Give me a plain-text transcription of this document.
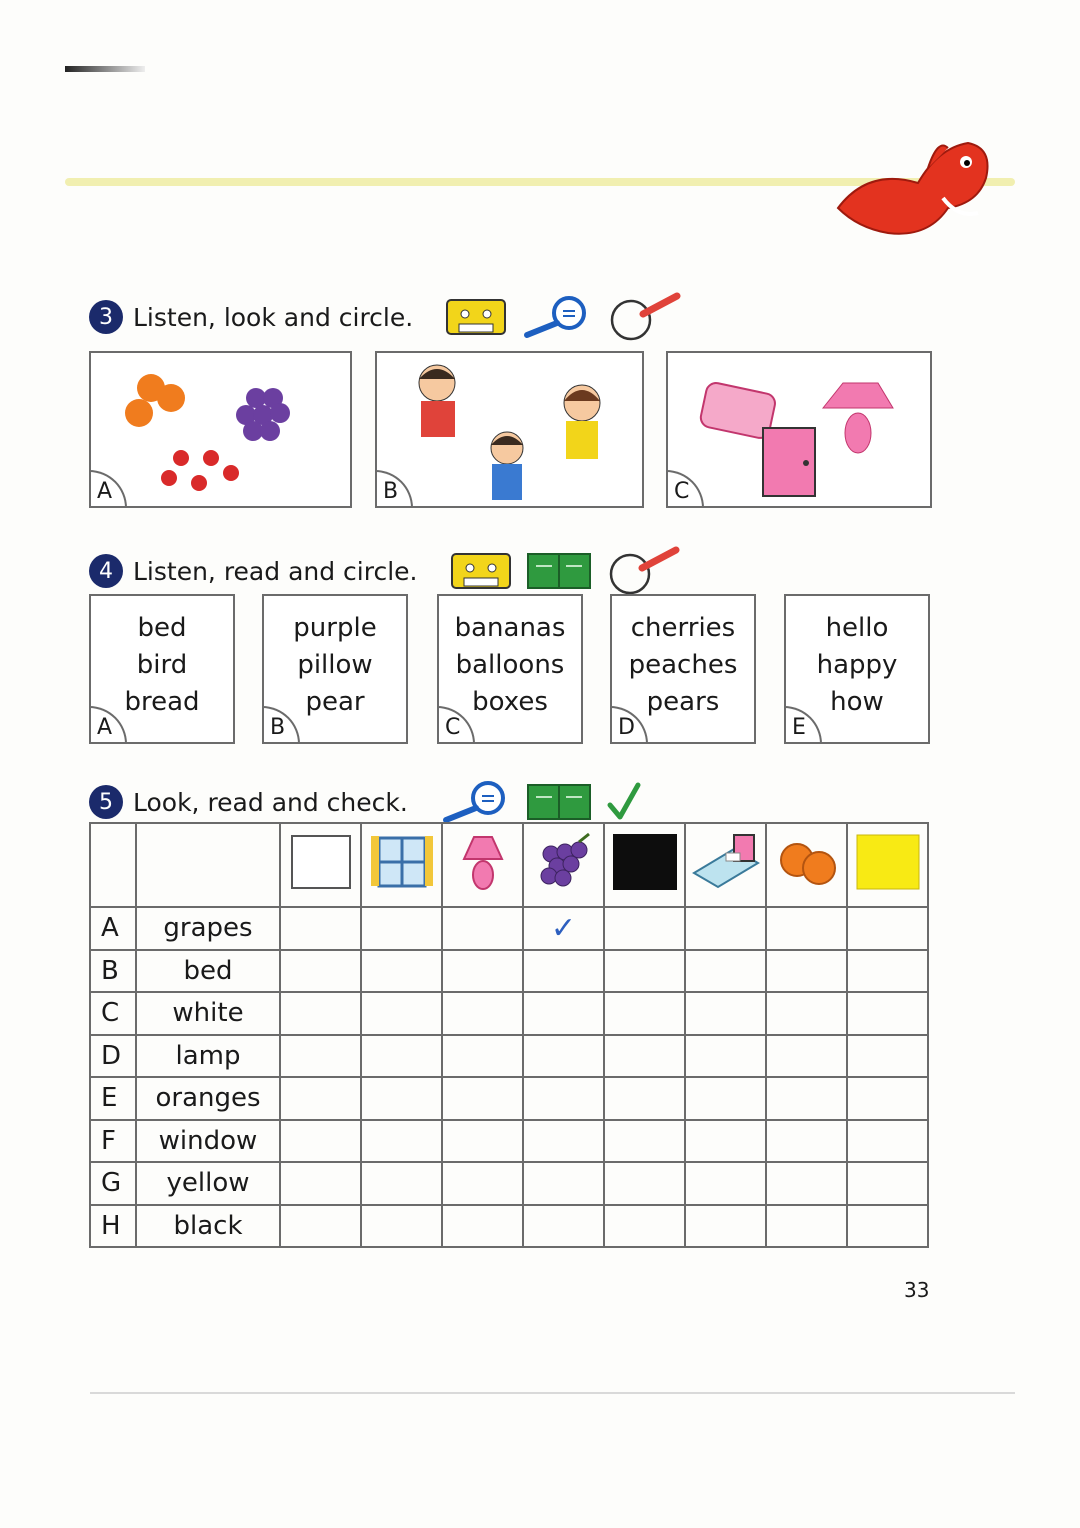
3 Listen, look and circle.
A	B	C
4 Listen, read and circle.
bed
bird
bread
A
purple
pillow
pear
B
bananas
balloons
boxes
C
cherries
peaches
pears
D
hello
happy
how
E
5 Look, read and check.

A	grapes				✓				
B	bed								
C	white								
D	lamp								
E	oranges								
F	window								
G	yellow								
H	black								
33
